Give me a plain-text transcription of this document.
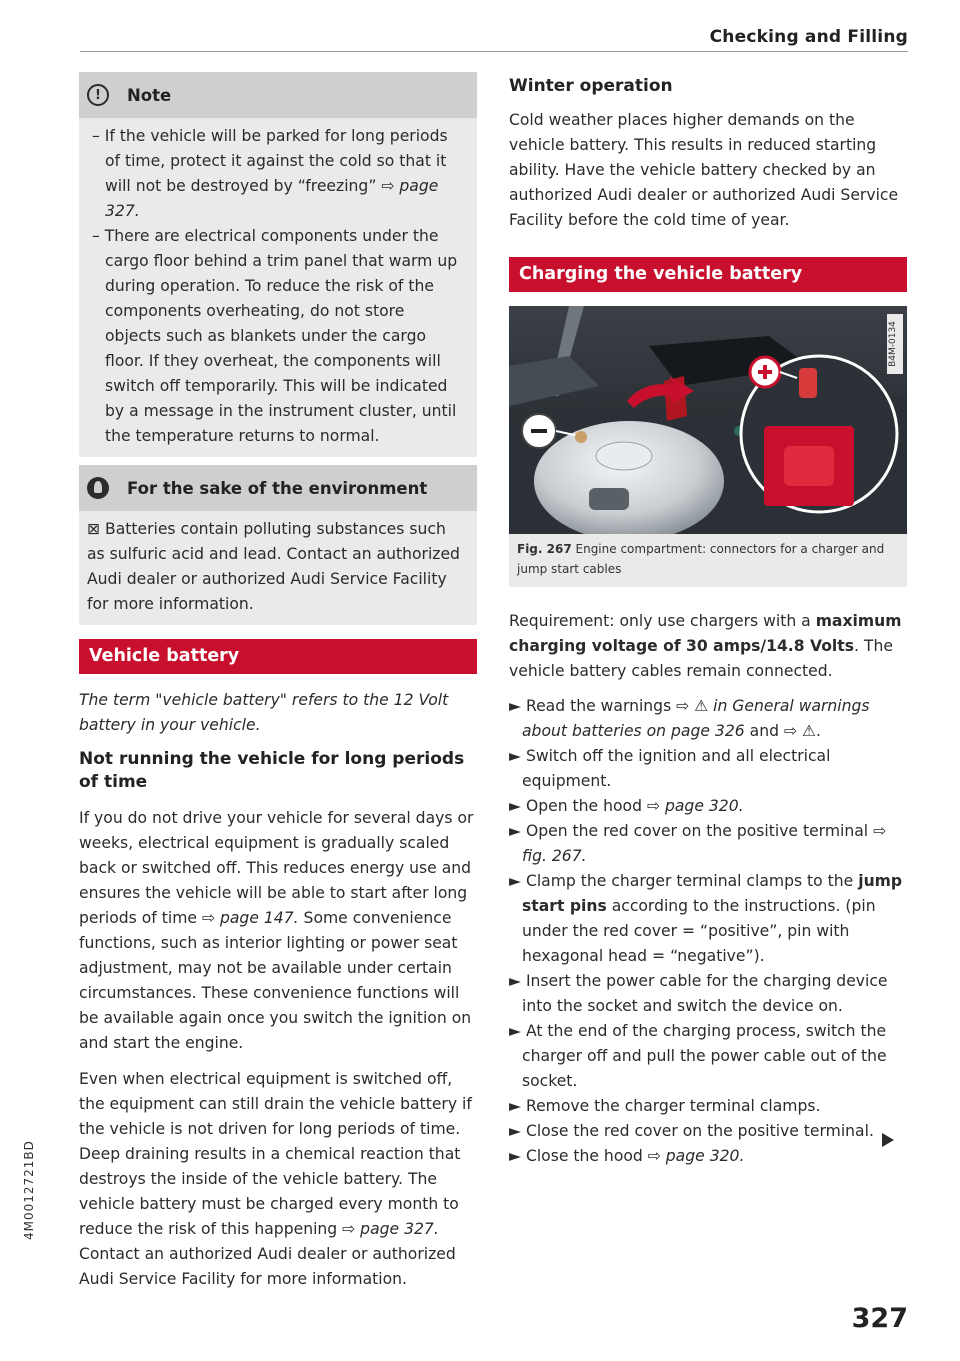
Checking and Filling
!	Note

– If the vehicle will be parked for long periods of time, protect it against the cold so that it will not be destroyed by “freezing” ⇨ page 327.

– There are electrical components under the cargo floor behind a trim panel that warm up during operation. To reduce the risk of the components overheating, do not store objects such as blankets under the cargo floor. If they overheat, the components will switch off temporarily. This will be indicated by a message in the instrument cluster, until the temperature returns to normal.

For the sake of the environment

⊠ Batteries contain polluting substances such as sulfuric acid and lead. Contact an authorized Audi dealer or authorized Audi Service Facility for more information.

Vehicle battery

The term "vehicle battery" refers to the 12 Volt battery in your vehicle.

Not running the vehicle for long periods of time

If you do not drive your vehicle for several days or weeks, electrical equipment is gradually scaled back or switched off. This reduces energy use and ensures the vehicle will be able to start after long periods of time ⇨ page 147. Some convenience functions, such as interior lighting or power seat adjustment, may not be available under certain circumstances. These convenience functions will be available again once you switch the ignition on and start the engine.

Even when electrical equipment is switched off, the equipment can still drain the vehicle battery if the vehicle is not driven for long periods of time. Deep draining results in a chemical reaction that destroys the inside of the vehicle battery. The vehicle battery must be charged every month to reduce the risk of this happening ⇨ page 327. Contact an authorized Audi dealer or authorized Audi Service Facility for more information.

Winter operation

Cold weather places higher demands on the vehicle battery. This results in reduced starting ability. Have the vehicle battery checked by an authorized Audi dealer or authorized Audi Service Facility before the cold time of year.

Charging the vehicle battery
B4M-0134
Fig. 267 Engine compartment: connectors for a charger and jump start cables

Requirement: only use chargers with a maximum charging voltage of 30 amps/14.8 Volts. The vehicle battery cables remain connected.

► Read the warnings ⇨ ⚠ in General warnings about batteries on page 326 and ⇨ ⚠.

► Switch off the ignition and all electrical equipment.

► Open the hood ⇨ page 320.

► Open the red cover on the positive terminal ⇨ fig. 267.

► Clamp the charger terminal clamps to the jump start pins according to the instructions. (pin under the red cover = “positive”, pin with hexagonal head = “negative”).

► Insert the power cable for the charging device into the socket and switch the device on.

► At the end of the charging process, switch the charger off and pull the power cable out of the socket.

► Remove the charger terminal clamps.

► Close the red cover on the positive terminal.

► Close the hood ⇨ page 320.

327
4M0012721BD
